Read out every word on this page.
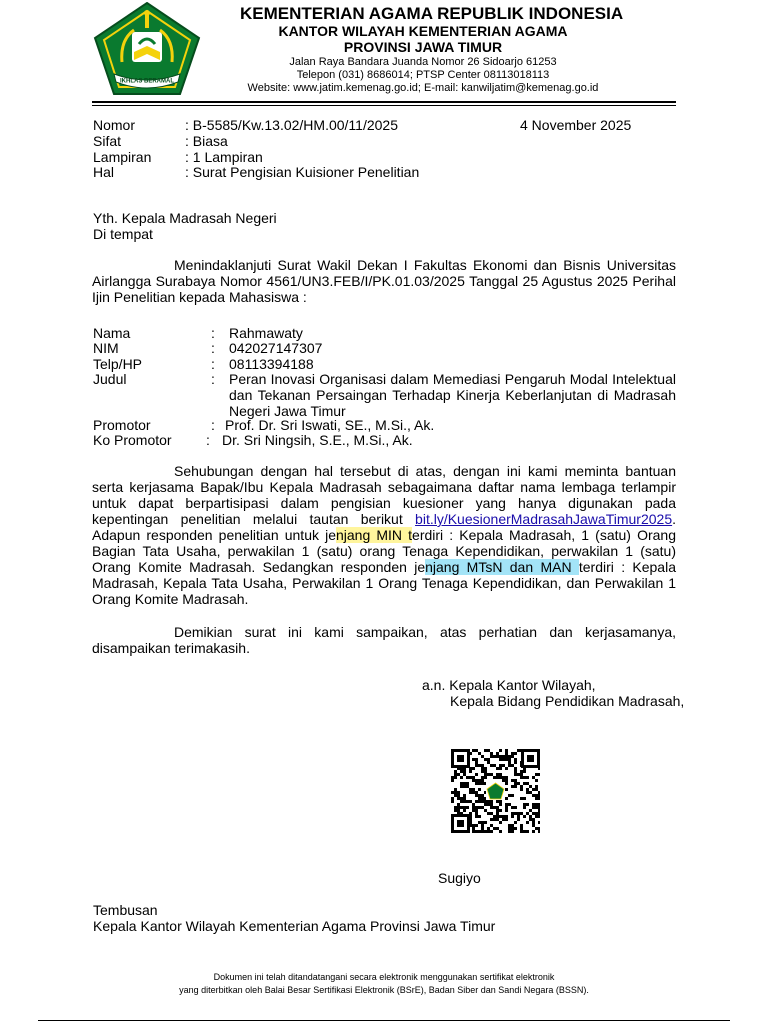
IKHLAS BERAMAL
KEMENTERIAN AGAMA REPUBLIK INDONESIA
KANTOR WILAYAH KEMENTERIAN AGAMA
PROVINSI JAWA TIMUR
Jalan Raya Bandara Juanda Nomor 26 Sidoarjo 61253
Telepon (031) 8686014; PTSP Center 08113018113
Website: www.jatim.kemenag.go.id; E-mail: kanwiljatim@kemenag.go.id
Nomor	: B-5585/Kw.13.02/HM.00/11/2025	4 November 2025
Sifat	: Biasa
Lampiran : 1 Lampiran
Hal	: Surat Pengisian Kuisioner Penelitian
Yth. Kepala Madrasah Negeri
Di tempat
Menindaklanjuti Surat Wakil Dekan I Fakultas Ekonomi dan Bisnis Universitas Airlangga Surabaya Nomor 4561/UN3.FEB/I/PK.01.03/2025 Tanggal 25 Agustus 2025 Perihal Ijin Penelitian kepada Mahasiswa :
Nama	: Rahmawaty
NIM	: 042027147307
Telp/HP	: 08113394188
Judul	: Peran Inovasi Organisasi dalam Memediasi Pengaruh Modal Intelektual dan Tekanan Persaingan Terhadap Kinerja Keberlanjutan di Madrasah Negeri Jawa Timur
Promotor	: Prof. Dr. Sri Iswati, SE., M.Si., Ak.
Ko Promotor : Dr. Sri Ningsih, S.E., M.Si., Ak.
Sehubungan dengan hal tersebut di atas, dengan ini kami meminta bantuan serta kerjasama Bapak/Ibu Kepala Madrasah sebagaimana daftar nama lembaga terlampir untuk dapat berpartisipasi dalam pengisian kuesioner yang hanya digunakan pada kepentingan penelitian melalui tautan berikut bit.ly/KuesionerMadrasahJawaTimur2025. Adapun responden penelitian untuk jenjang MIN terdiri : Kepala Madrasah, 1 (satu) Orang Bagian Tata Usaha, perwakilan 1 (satu) orang Tenaga Kependidikan, perwakilan 1 (satu) Orang Komite Madrasah. Sedangkan responden jenjang MTsN dan MAN terdiri : Kepala Madrasah, Kepala Tata Usaha, Perwakilan 1 Orang Tenaga Kependidikan, dan Perwakilan 1 Orang Komite Madrasah.
Demikian surat ini kami sampaikan, atas perhatian dan kerjasamanya, disampaikan terimakasih.
a.n. Kepala Kantor Wilayah,
Kepala Bidang Pendidikan Madrasah,
Sugiyo
Tembusan
Kepala Kantor Wilayah Kementerian Agama Provinsi Jawa Timur
Dokumen ini telah ditandatangani secara elektronik menggunakan sertifikat elektronik
yang diterbitkan oleh Balai Besar Sertifikasi Elektronik (BSrE), Badan Siber dan Sandi Negara (BSSN).
